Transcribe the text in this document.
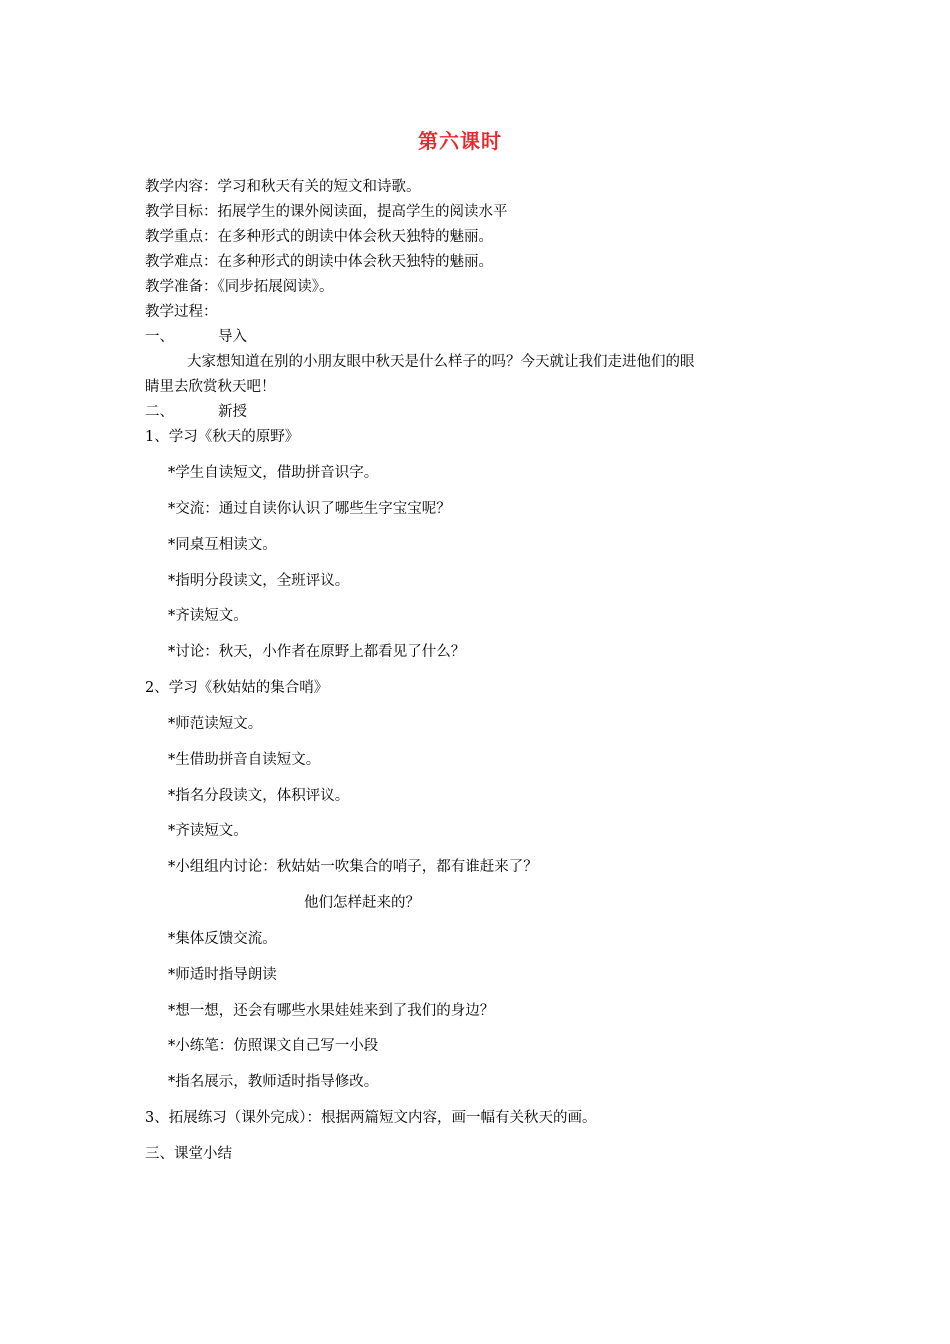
第六课时
教学内容：学习和秋天有关的短文和诗歌。
教学目标：拓展学生的课外阅读面，提高学生的阅读水平
教学重点：在多种形式的朗读中体会秋天独特的魅丽。
教学难点：在多种形式的朗读中体会秋天独特的魅丽。
教学准备：《同步拓展阅读》。
教学过程：
一、	导入
大家想知道在别的小朋友眼中秋天是什么样子的吗？今天就让我们走进他们的眼
睛里去欣赏秋天吧！
二、	新授
1、学习《秋天的原野》
*学生自读短文，借助拼音识字。
*交流：通过自读你认识了哪些生字宝宝呢？
*同桌互相读文。
*指明分段读文，全班评议。
*齐读短文。
*讨论：秋天，小作者在原野上都看见了什么？
2、学习《秋姑姑的集合哨》
*师范读短文。
*生借助拼音自读短文。
*指名分段读文，体积评议。
*齐读短文。
*小组组内讨论：秋姑姑一吹集合的哨子，都有谁赶来了？
他们怎样赶来的？
*集体反馈交流。
*师适时指导朗读
*想一想，还会有哪些水果娃娃来到了我们的身边？
*小练笔：仿照课文自己写一小段
*指名展示，教师适时指导修改。
3、拓展练习（课外完成）：根据两篇短文内容，画一幅有关秋天的画。
三、课堂小结
